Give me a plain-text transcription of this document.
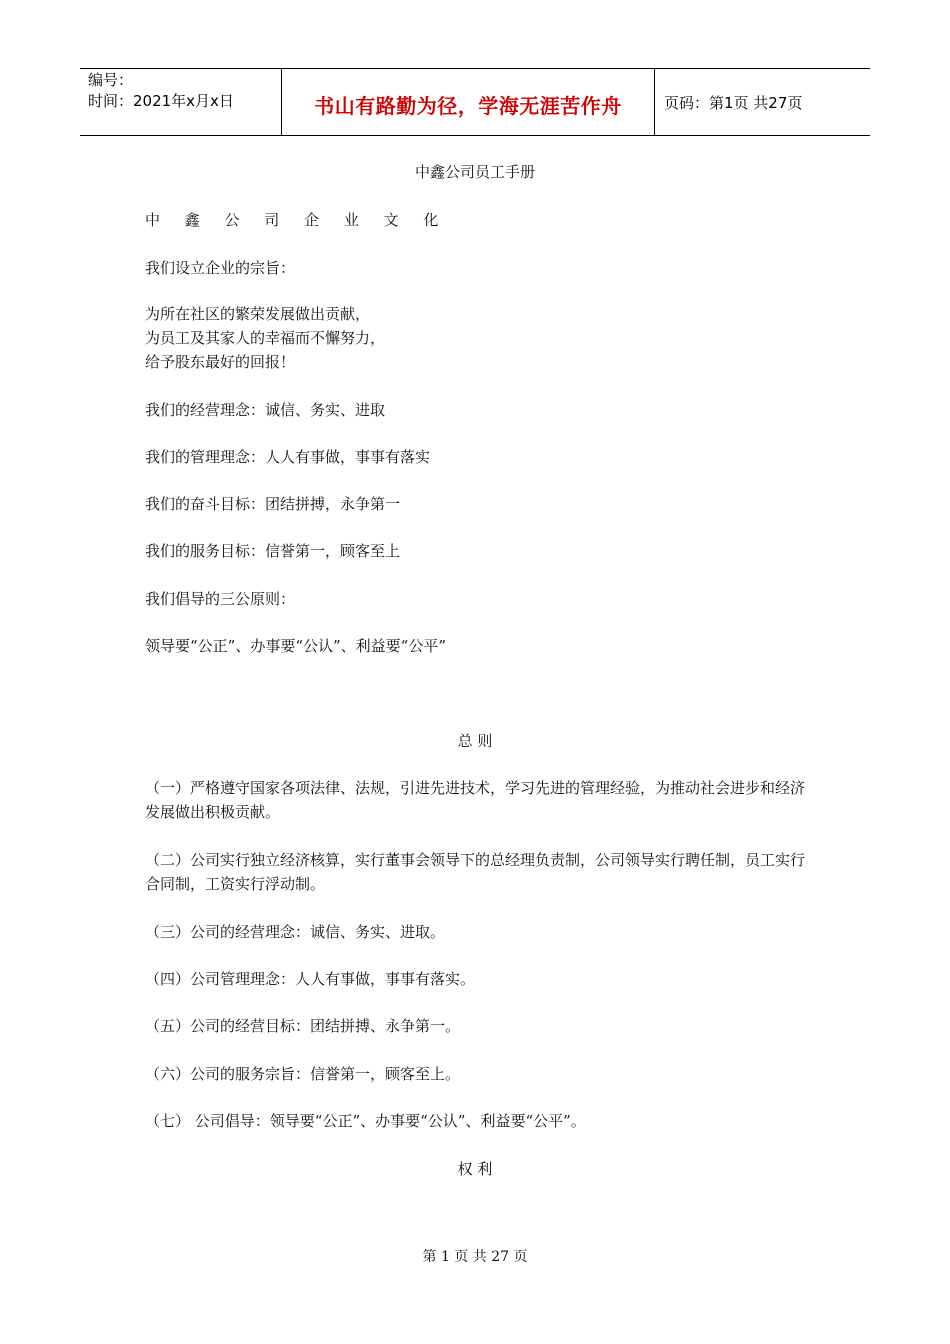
编号：
时间：2021年x月x日	书山有路勤为径，学海无涯苦作舟	页码：第1页 共27页
中鑫公司员工手册
中 鑫 公 司 企 业 文 化
我们设立企业的宗旨：
为所在社区的繁荣发展做出贡献，
为员工及其家人的幸福而不懈努力，
给予股东最好的回报！
我们的经营理念：诚信、务实、进取
我们的管理理念：人人有事做，事事有落实
我们的奋斗目标：团结拼搏，永争第一
我们的服务目标：信誉第一，顾客至上
我们倡导的三公原则：
领导要“公正”、办事要“公认”、利益要“公平”
总 则
（一）严格遵守国家各项法律、法规，引进先进技术，学习先进的管理经验，为推动社会进步和经济发展做出积极贡献。
（二）公司实行独立经济核算，实行董事会领导下的总经理负责制，公司领导实行聘任制，员工实行合同制，工资实行浮动制。
（三）公司的经营理念：诚信、务实、进取。
（四）公司管理理念：人人有事做，事事有落实。
（五）公司的经营目标：团结拼搏、永争第一。
（六）公司的服务宗旨：信誉第一，顾客至上。
（七） 公司倡导：领导要“公正”、办事要“公认”、利益要“公平”。
权 利
第 1 页 共 27 页
